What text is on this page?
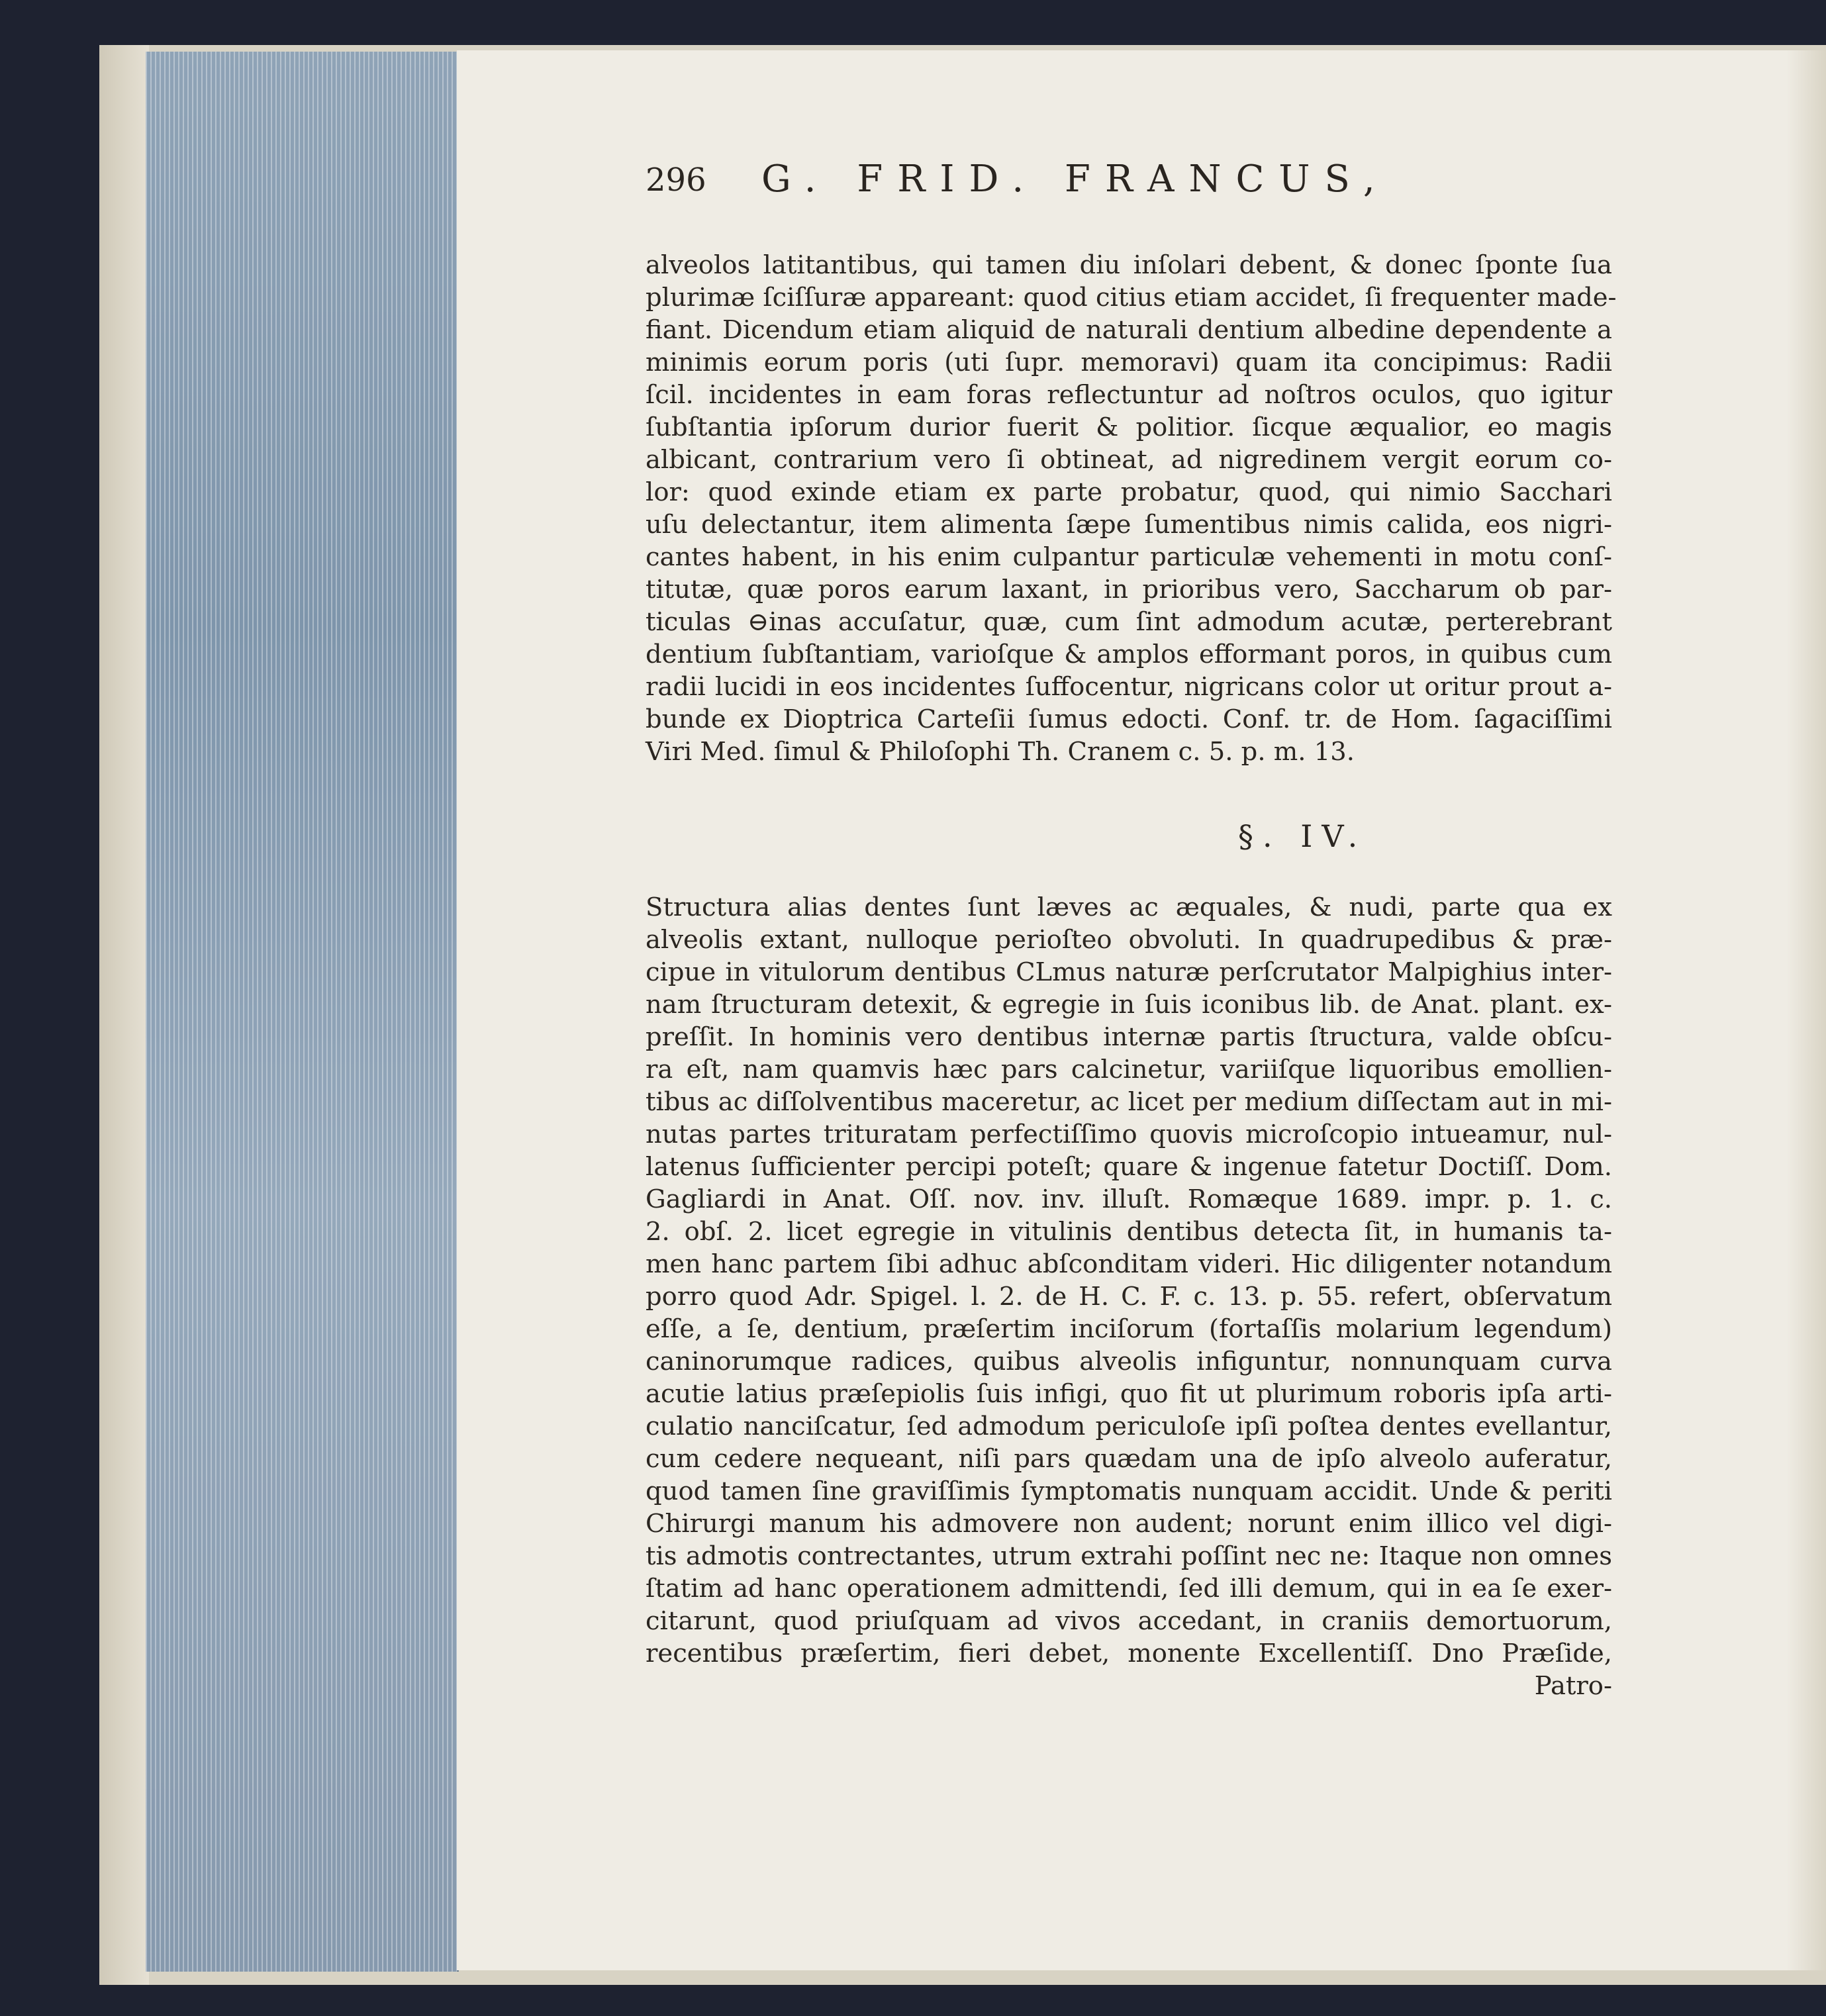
296 G. FRID. FRANCUS,
alveolos latitantibus, qui tamen diu inſolari debent, & donec ſponte ſua
plurimæ ſciſſuræ appareant: quod citius etiam accidet, ſi frequenter made-
fiant. Dicendum etiam aliquid de naturali dentium albedine dependente a
minimis eorum poris (uti ſupr. memoravi) quam ita concipimus: Radii
ſcil. incidentes in eam foras reflectuntur ad noſtros oculos, quo igitur
ſubſtantia ipſorum durior fuerit & politior. ſicque æqualior, eo magis
albicant, contrarium vero ſi obtineat, ad nigredinem vergit eorum co-
lor: quod exinde etiam ex parte probatur, quod, qui nimio Sacchari
uſu delectantur, item alimenta ſæpe ſumentibus nimis calida, eos nigri-
cantes habent, in his enim culpantur particulæ vehementi in motu conſ-
titutæ, quæ poros earum laxant, in prioribus vero, Saccharum ob par-
ticulas ⊖inas accuſatur, quæ, cum ſint admodum acutæ, perterebrant
dentium ſubſtantiam, varioſque & amplos efformant poros, in quibus cum
radii lucidi in eos incidentes ſuffocentur, nigricans color ut oritur prout a-
bunde ex Dioptrica Carteſii ſumus edocti. Conf. tr. de Hom. ſagaciſſimi
Viri Med. ſimul & Philoſophi Th. Cranem c. 5. p. m. 13.
§. IV.
Structura alias dentes ſunt læves ac æquales, & nudi, parte qua ex
alveolis extant, nulloque perioſteo obvoluti. In quadrupedibus & præ-
cipue in vitulorum dentibus CLmus naturæ perſcrutator Malpighius inter-
nam ſtructuram detexit, & egregie in ſuis iconibus lib. de Anat. plant. ex-
preſſit. In hominis vero dentibus internæ partis ſtructura, valde obſcu-
ra eſt, nam quamvis hæc pars calcinetur, variiſque liquoribus emollien-
tibus ac diſſolventibus maceretur, ac licet per medium diſſectam aut in mi-
nutas partes trituratam perfectiſſimo quovis microſcopio intueamur, nul-
latenus ſufficienter percipi poteſt; quare & ingenue fatetur Doctiſſ. Dom.
Gagliardi in Anat. Oſſ. nov. inv. illuſt. Romæque 1689. impr. p. 1. c.
2. obſ. 2. licet egregie in vitulinis dentibus detecta ſit, in humanis ta-
men hanc partem ſibi adhuc abſconditam videri. Hic diligenter notandum
porro quod Adr. Spigel. l. 2. de H. C. F. c. 13. p. 55. refert, obſervatum
eſſe, a ſe, dentium, præſertim inciſorum (fortaſſis molarium legendum)
caninorumque radices, quibus alveolis infiguntur, nonnunquam curva
acutie latius præſepiolis ſuis infigi, quo fit ut plurimum roboris ipſa arti-
culatio nanciſcatur, ſed admodum periculoſe ipſi poſtea dentes evellantur,
cum cedere nequeant, niſi pars quædam una de ipſo alveolo auferatur,
quod tamen ſine graviſſimis ſymptomatis nunquam accidit. Unde & periti
Chirurgi manum his admovere non audent; norunt enim illico vel digi-
tis admotis contrectantes, utrum extrahi poſſint nec ne: Itaque non omnes
ſtatim ad hanc operationem admittendi, ſed illi demum, qui in ea ſe exer-
citarunt, quod priuſquam ad vivos accedant, in craniis demortuorum,
recentibus præſertim, fieri debet, monente Excellentiſſ. Dno Præſide,
Patro-
